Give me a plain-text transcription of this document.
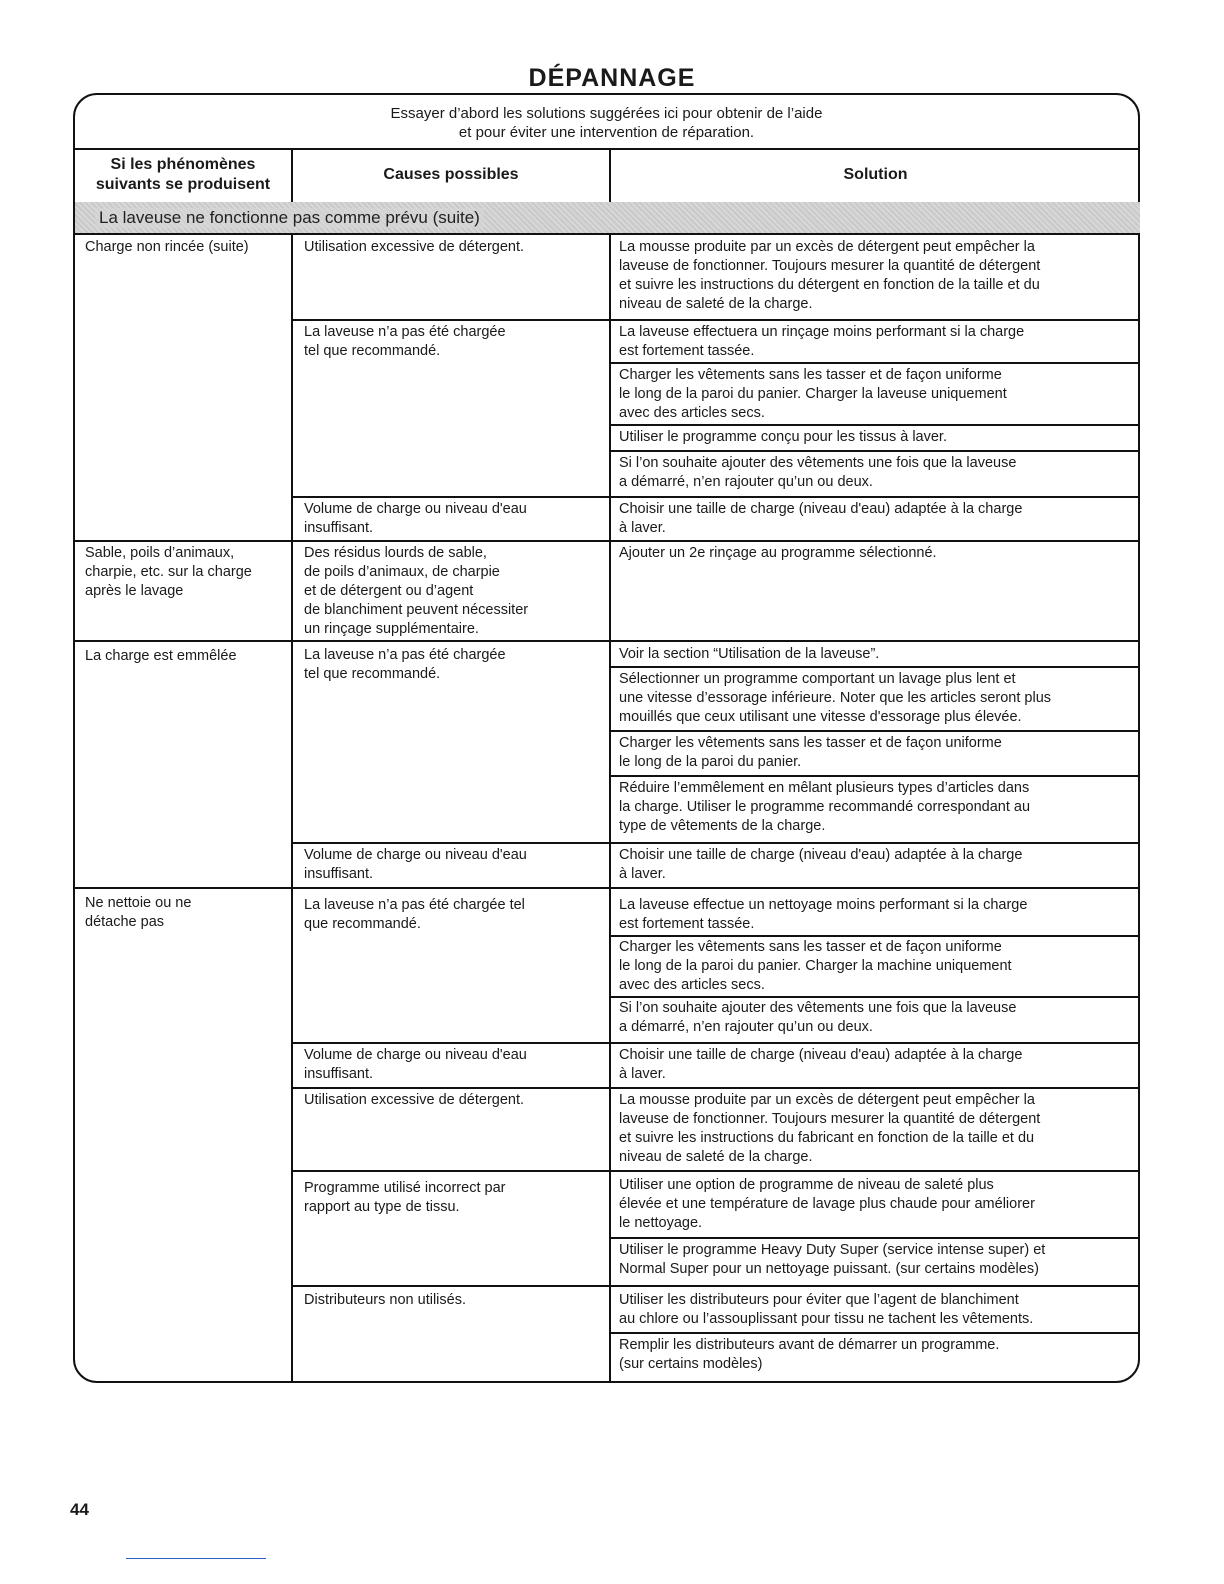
DÉPANNAGE
Essayer d’abord les solutions suggérées ici pour obtenir de l’aide
et pour éviter une intervention de réparation.
Si les phénomènes
suivants se produisent
Causes possibles	Solution
La laveuse ne fonctionne pas comme prévu (suite)
Charge non rincée (suite)
Sable, poils d’animaux,
charpie, etc. sur la charge
après le lavage
La charge est emmêlée
Ne nettoie ou ne
détache pas
Utilisation excessive de détergent.
La laveuse n’a pas été chargée
tel que recommandé.
Volume de charge ou niveau d'eau
insuffisant.
Des résidus lourds de sable,
de poils d’animaux, de charpie
et de détergent ou d’agent
de blanchiment peuvent nécessiter
un rinçage supplémentaire.
La laveuse n’a pas été chargée
tel que recommandé.
Volume de charge ou niveau d'eau
insuffisant.
La laveuse n’a pas été chargée tel
que recommandé.
Volume de charge ou niveau d'eau
insuffisant.
Utilisation excessive de détergent.
Programme utilisé incorrect par
rapport au type de tissu.
Distributeurs non utilisés.
La mousse produite par un excès de détergent peut empêcher la
laveuse de fonctionner. Toujours mesurer la quantité de détergent
et suivre les instructions du détergent en fonction de la taille et du
niveau de saleté de la charge.
La laveuse effectuera un rinçage moins performant si la charge
est fortement tassée.
Charger les vêtements sans les tasser et de façon uniforme
le long de la paroi du panier. Charger la laveuse uniquement
avec des articles secs.
Utiliser le programme conçu pour les tissus à laver.
Si l’on souhaite ajouter des vêtements une fois que la laveuse
a démarré, n’en rajouter qu’un ou deux.
Choisir une taille de charge (niveau d'eau) adaptée à la charge
à laver.
Ajouter un 2e rinçage au programme sélectionné.
Voir la section “Utilisation de la laveuse”.
Sélectionner un programme comportant un lavage plus lent et
une vitesse d’essorage inférieure. Noter que les articles seront plus
mouillés que ceux utilisant une vitesse d'essorage plus élevée.
Charger les vêtements sans les tasser et de façon uniforme
le long de la paroi du panier.
Réduire l’emmêlement en mêlant plusieurs types d’articles dans
la charge. Utiliser le programme recommandé correspondant au
type de vêtements de la charge.
Choisir une taille de charge (niveau d'eau) adaptée à la charge
à laver.
La laveuse effectue un nettoyage moins performant si la charge
est fortement tassée.
Charger les vêtements sans les tasser et de façon uniforme
le long de la paroi du panier. Charger la machine uniquement
avec des articles secs.
Si l’on souhaite ajouter des vêtements une fois que la laveuse
a démarré, n’en rajouter qu’un ou deux.
Choisir une taille de charge (niveau d'eau) adaptée à la charge
à laver.
La mousse produite par un excès de détergent peut empêcher la
laveuse de fonctionner. Toujours mesurer la quantité de détergent
et suivre les instructions du fabricant en fonction de la taille et du
niveau de saleté de la charge.
Utiliser une option de programme de niveau de saleté plus
élevée et une température de lavage plus chaude pour améliorer
le nettoyage.
Utiliser le programme Heavy Duty Super (service intense super) et
Normal Super pour un nettoyage puissant. (sur certains modèles)
Utiliser les distributeurs pour éviter que l’agent de blanchiment
au chlore ou l’assouplissant pour tissu ne tachent les vêtements.
Remplir les distributeurs avant de démarrer un programme.
(sur certains modèles)
44
